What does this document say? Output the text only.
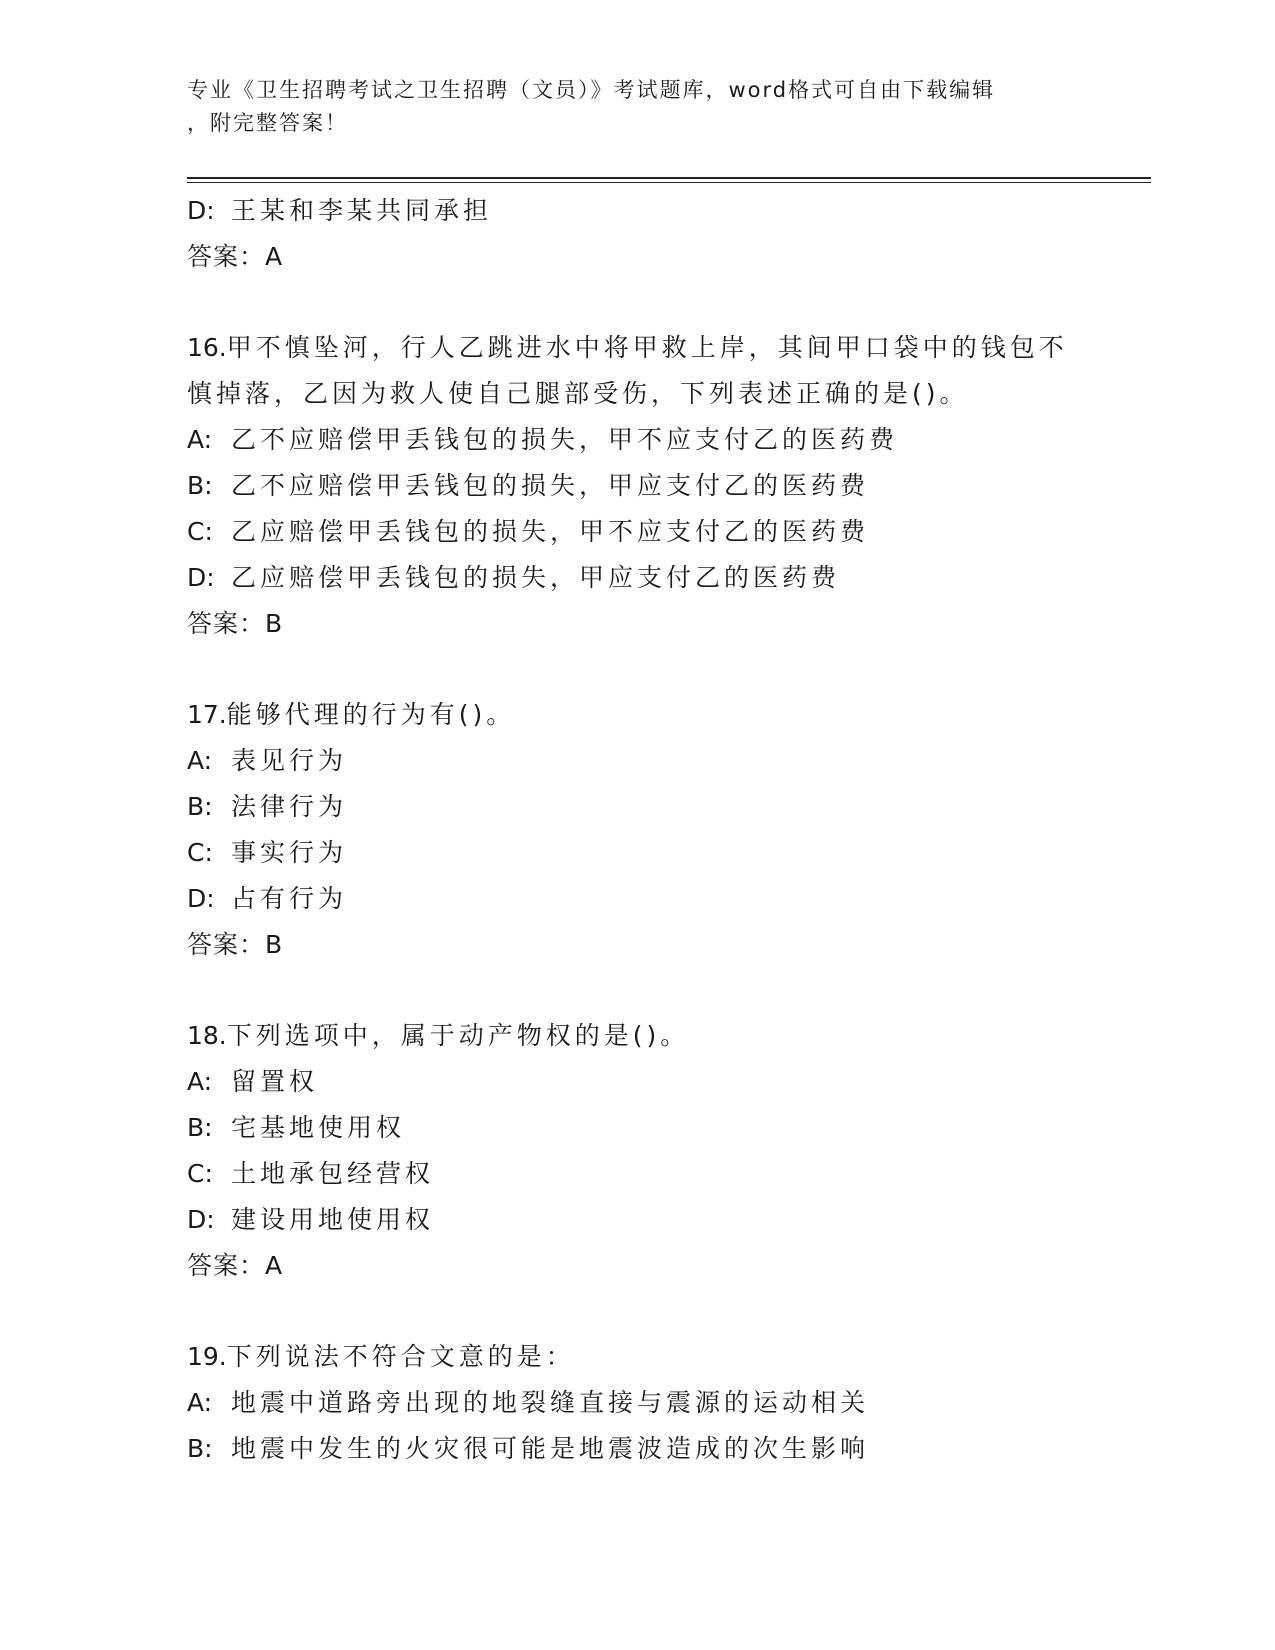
专业《卫生招聘考试之卫生招聘（文员）》考试题库，word格式可自由下载编辑
，附完整答案！
D: 王某和李某共同承担
答案：A
16.甲不慎坠河，行人乙跳进水中将甲救上岸，其间甲口袋中的钱包不
慎掉落，乙因为救人使自己腿部受伤，下列表述正确的是()。
A: 乙不应赔偿甲丢钱包的损失，甲不应支付乙的医药费
B: 乙不应赔偿甲丢钱包的损失，甲应支付乙的医药费
C: 乙应赔偿甲丢钱包的损失，甲不应支付乙的医药费
D: 乙应赔偿甲丢钱包的损失，甲应支付乙的医药费
答案：B
17.能够代理的行为有()。
A: 表见行为
B: 法律行为
C: 事实行为
D: 占有行为
答案：B
18.下列选项中，属于动产物权的是()。
A: 留置权
B: 宅基地使用权
C: 土地承包经营权
D: 建设用地使用权
答案：A
19.下列说法不符合文意的是：
A: 地震中道路旁出现的地裂缝直接与震源的运动相关
B: 地震中发生的火灾很可能是地震波造成的次生影响
